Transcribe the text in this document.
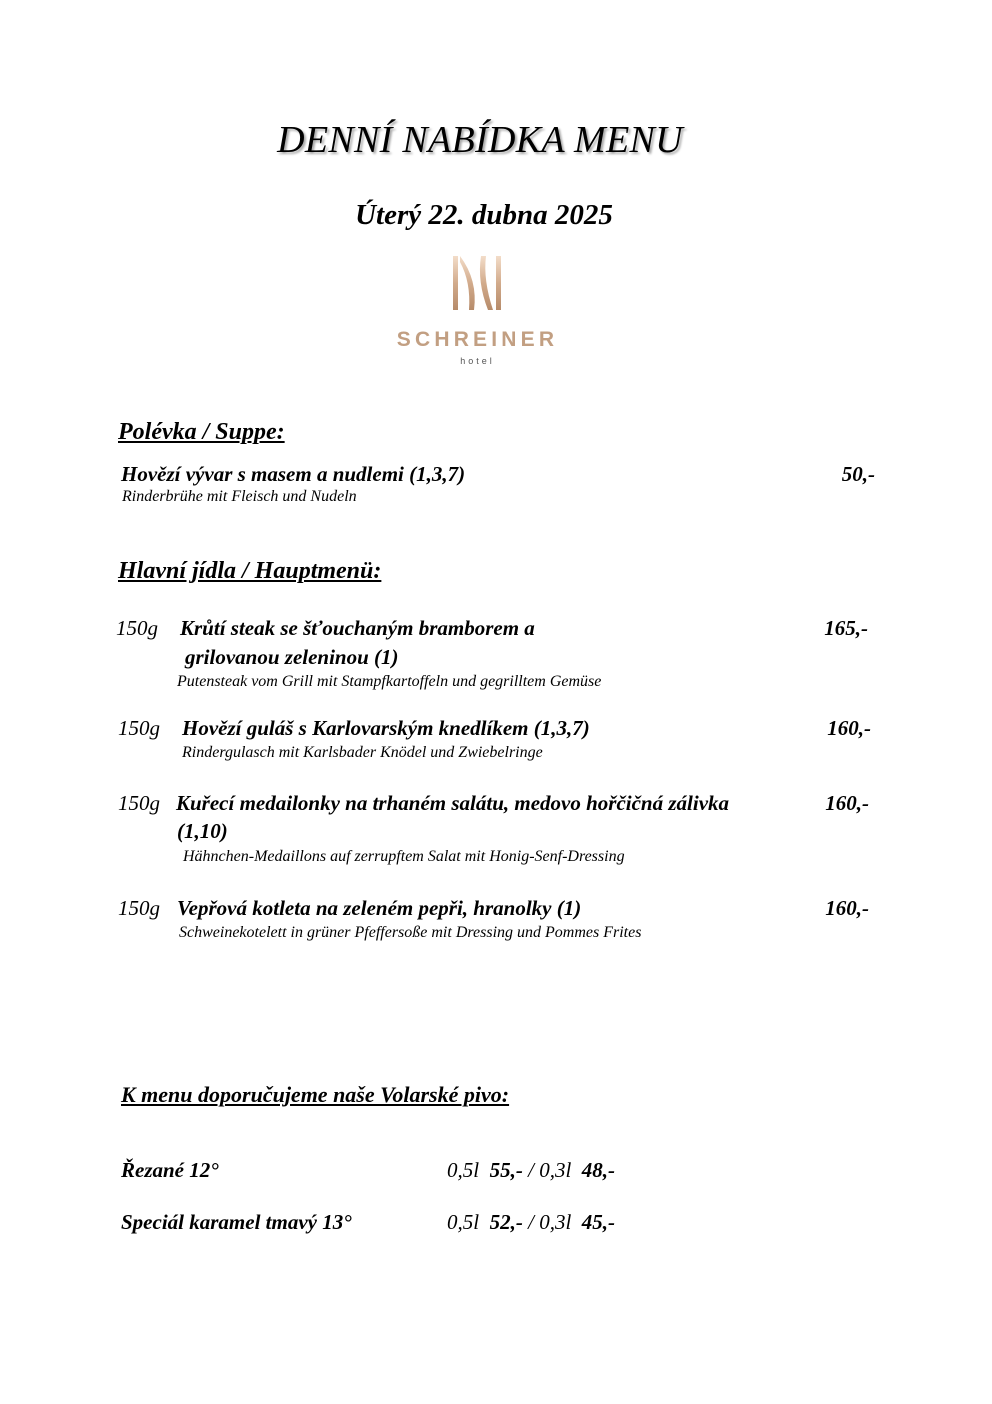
DENNÍ NABÍDKA MENU
Úterý 22. dubna 2025
SCHREINER
hotel
Polévka / Suppe:
Hovězí vývar s masem a nudlemi (1,3,7)	50,-
Rinderbrühe mit Fleisch und Nudeln
Hlavní jídla / Hauptmenü:
150g Krůtí steak se šťouchaným bramborem a	165,-
grilovanou zeleninou (1)
Putensteak vom Grill mit Stampfkartoffeln und gegrilltem Gemüse
150g Hovězí guláš s Karlovarským knedlíkem (1,3,7)	160,-
Rindergulasch mit Karlsbader Knödel und Zwiebelringe
150g Kuřecí medailonky na trhaném salátu, medovo hořčičná zálivka	160,-
(1,10)
Hähnchen-Medaillons auf zerrupftem Salat mit Honig-Senf-Dressing
150g Vepřová kotleta na zeleném pepři, hranolky (1)	160,-
Schweinekotelett in grüner Pfeffersoße mit Dressing und Pommes Frites
K menu doporučujeme naše Volarské pivo:
Řezané 12°	0,5l 55,- / 0,3l 48,-
Speciál karamel tmavý 13°	0,5l 52,- / 0,3l 45,-
